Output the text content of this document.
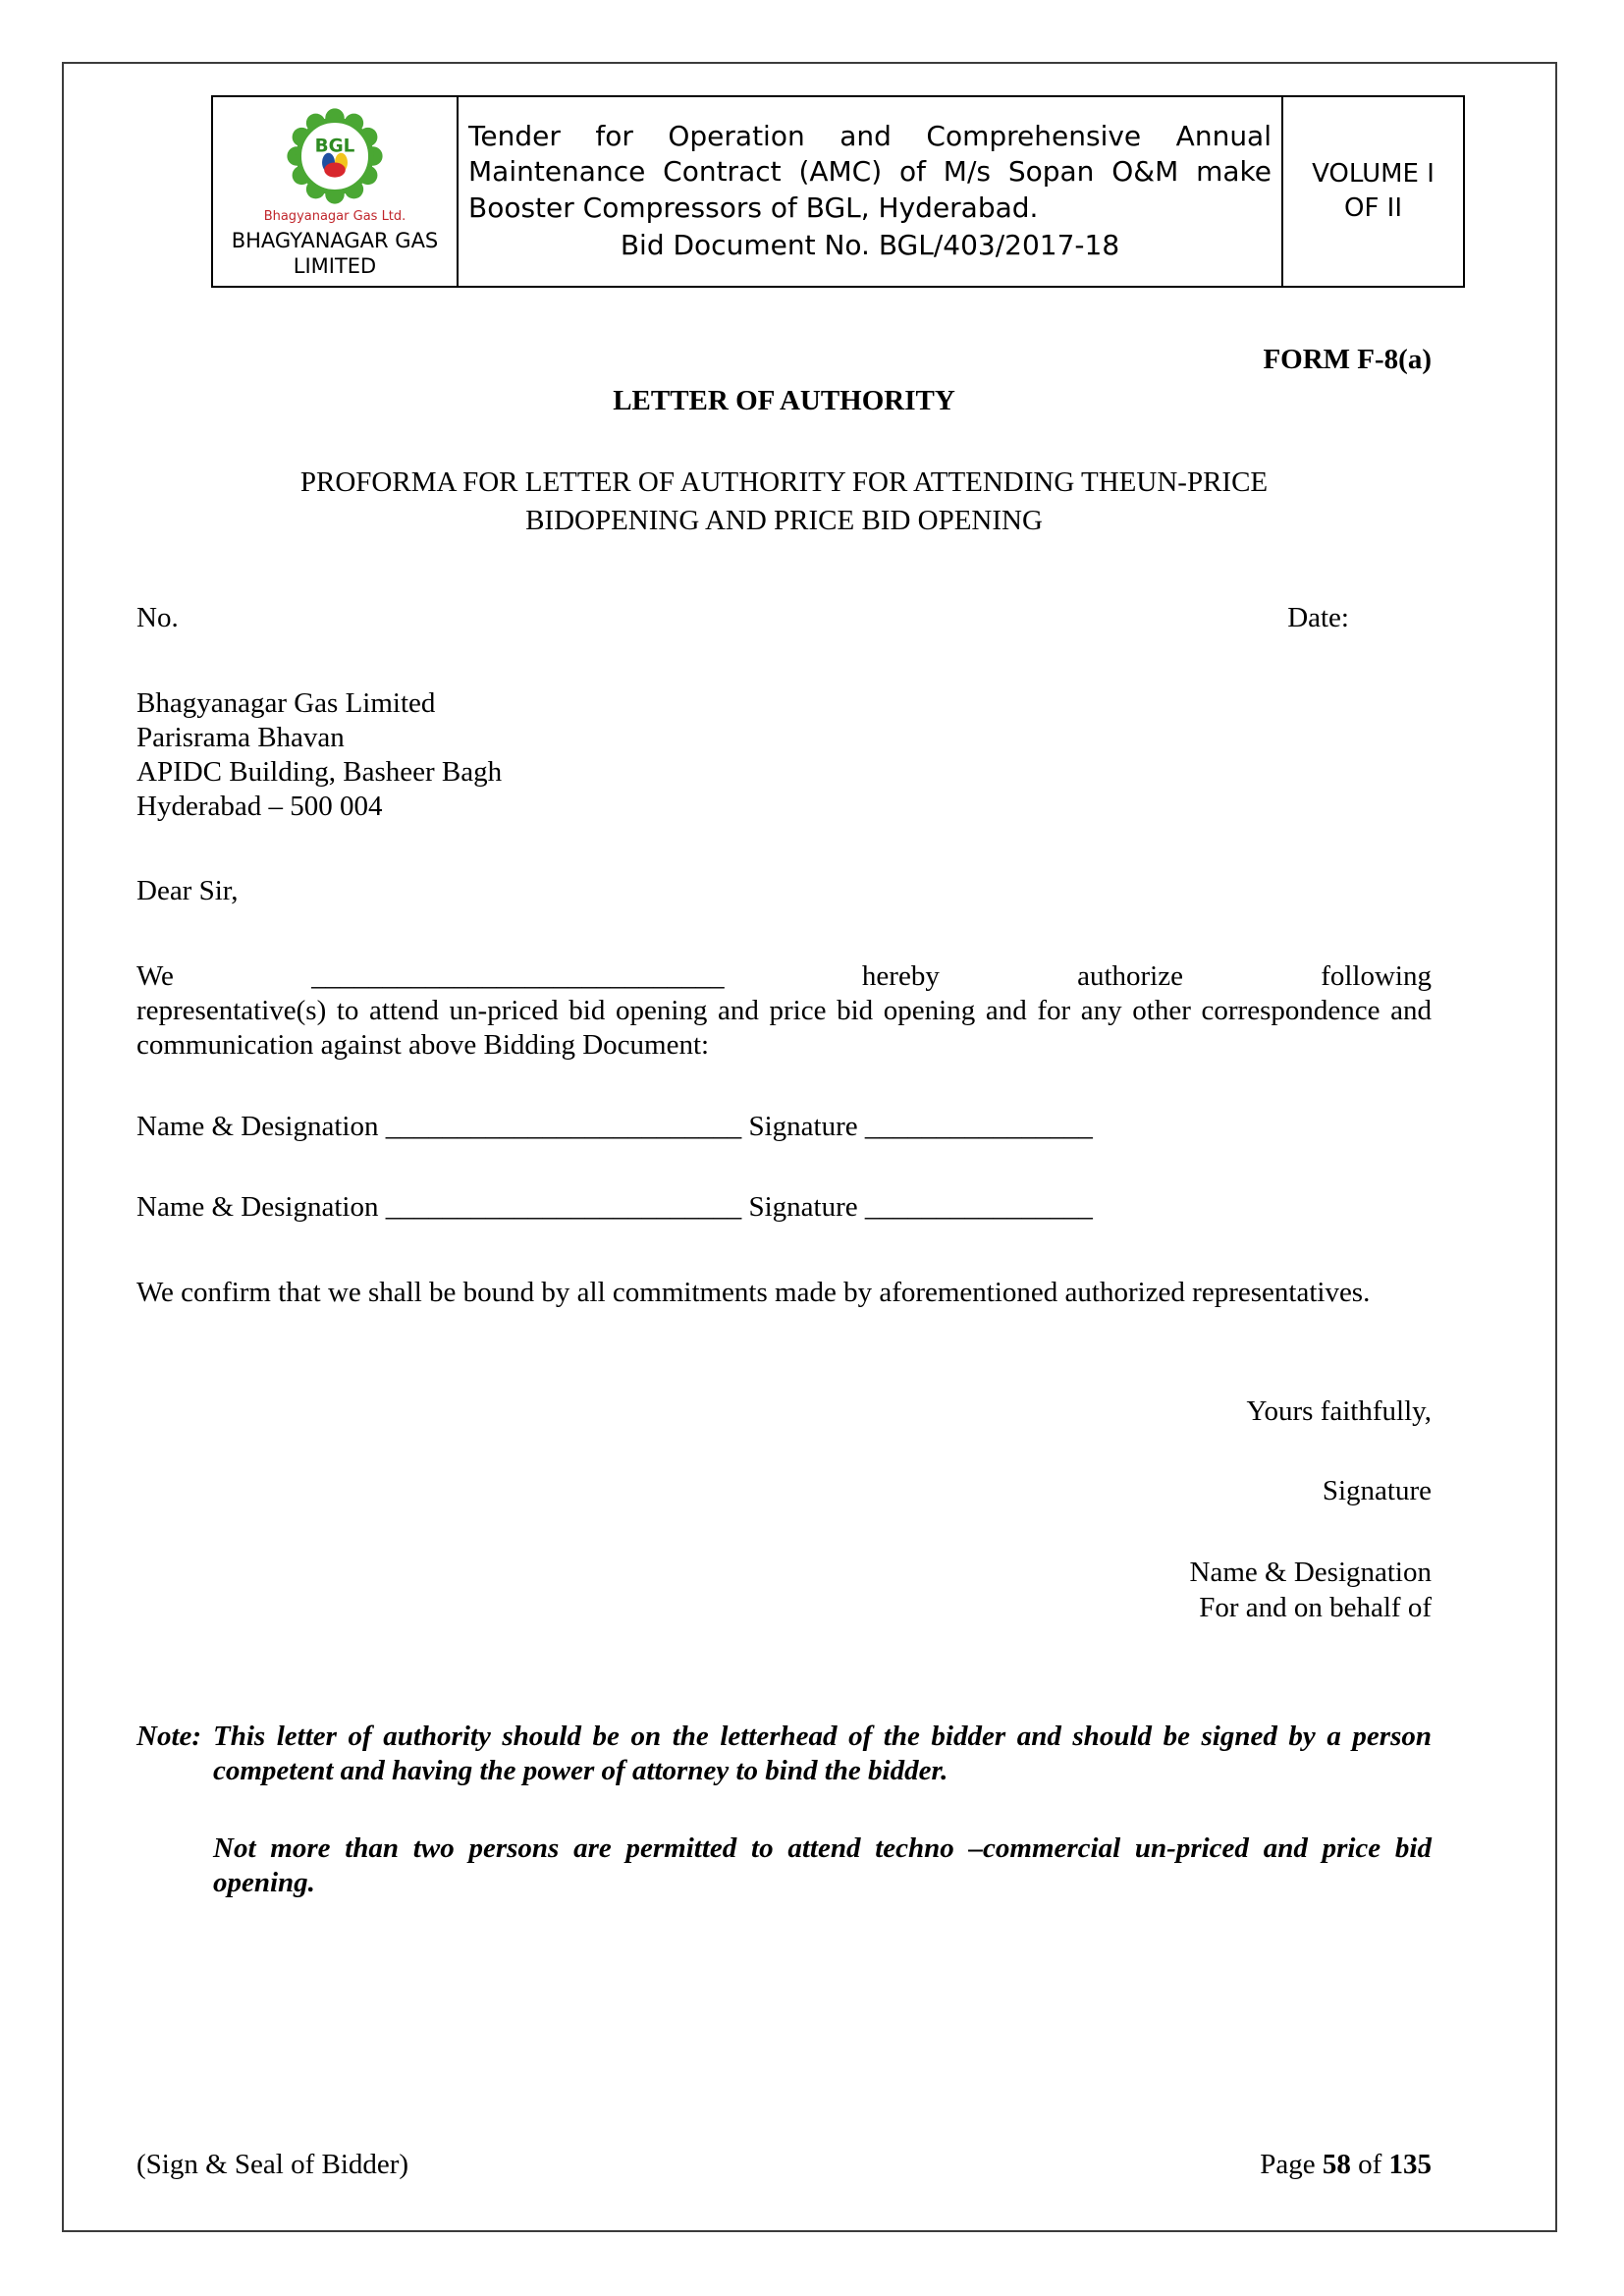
BGL
Bhagyanagar Gas Ltd.
BHAGYANAGAR GAS
LIMITED

Tender for Operation and Comprehensive Annual Maintenance Contract (AMC) of M/s Sopan O&M make Booster Compressors of BGL, Hyderabad.
Bid Document No. BGL/403/2017-18

VOLUME I
OF II
FORM F-8(a)
LETTER OF AUTHORITY
PROFORMA FOR LETTER OF AUTHORITY FOR ATTENDING THEUN-PRICE
BIDOPENING AND PRICE BID OPENING
No.	Date:
Bhagyanagar Gas Limited
Parisrama Bhavan
APIDC Building, Basheer Bagh
Hyderabad – 500 004
Dear Sir,
We	_____________________________	hereby	authorize	following

representative(s) to attend un-priced bid opening and price bid opening and for any other correspondence and communication against above Bidding Document:

Name & Designation _________________________ Signature ________________
Name & Designation _________________________ Signature ________________

We confirm that we shall be bound by all commitments made by aforementioned authorized representatives.

Yours faithfully,
Signature
Name & Designation
For and on behalf of
Note: This letter of authority should be on the letterhead of the bidder and should be signed by a person competent and having the power of attorney to bind the bidder.

Not more than two persons are permitted to attend techno –commercial un-priced and price bid opening.

(Sign & Seal of Bidder)	Page 58 of 135
